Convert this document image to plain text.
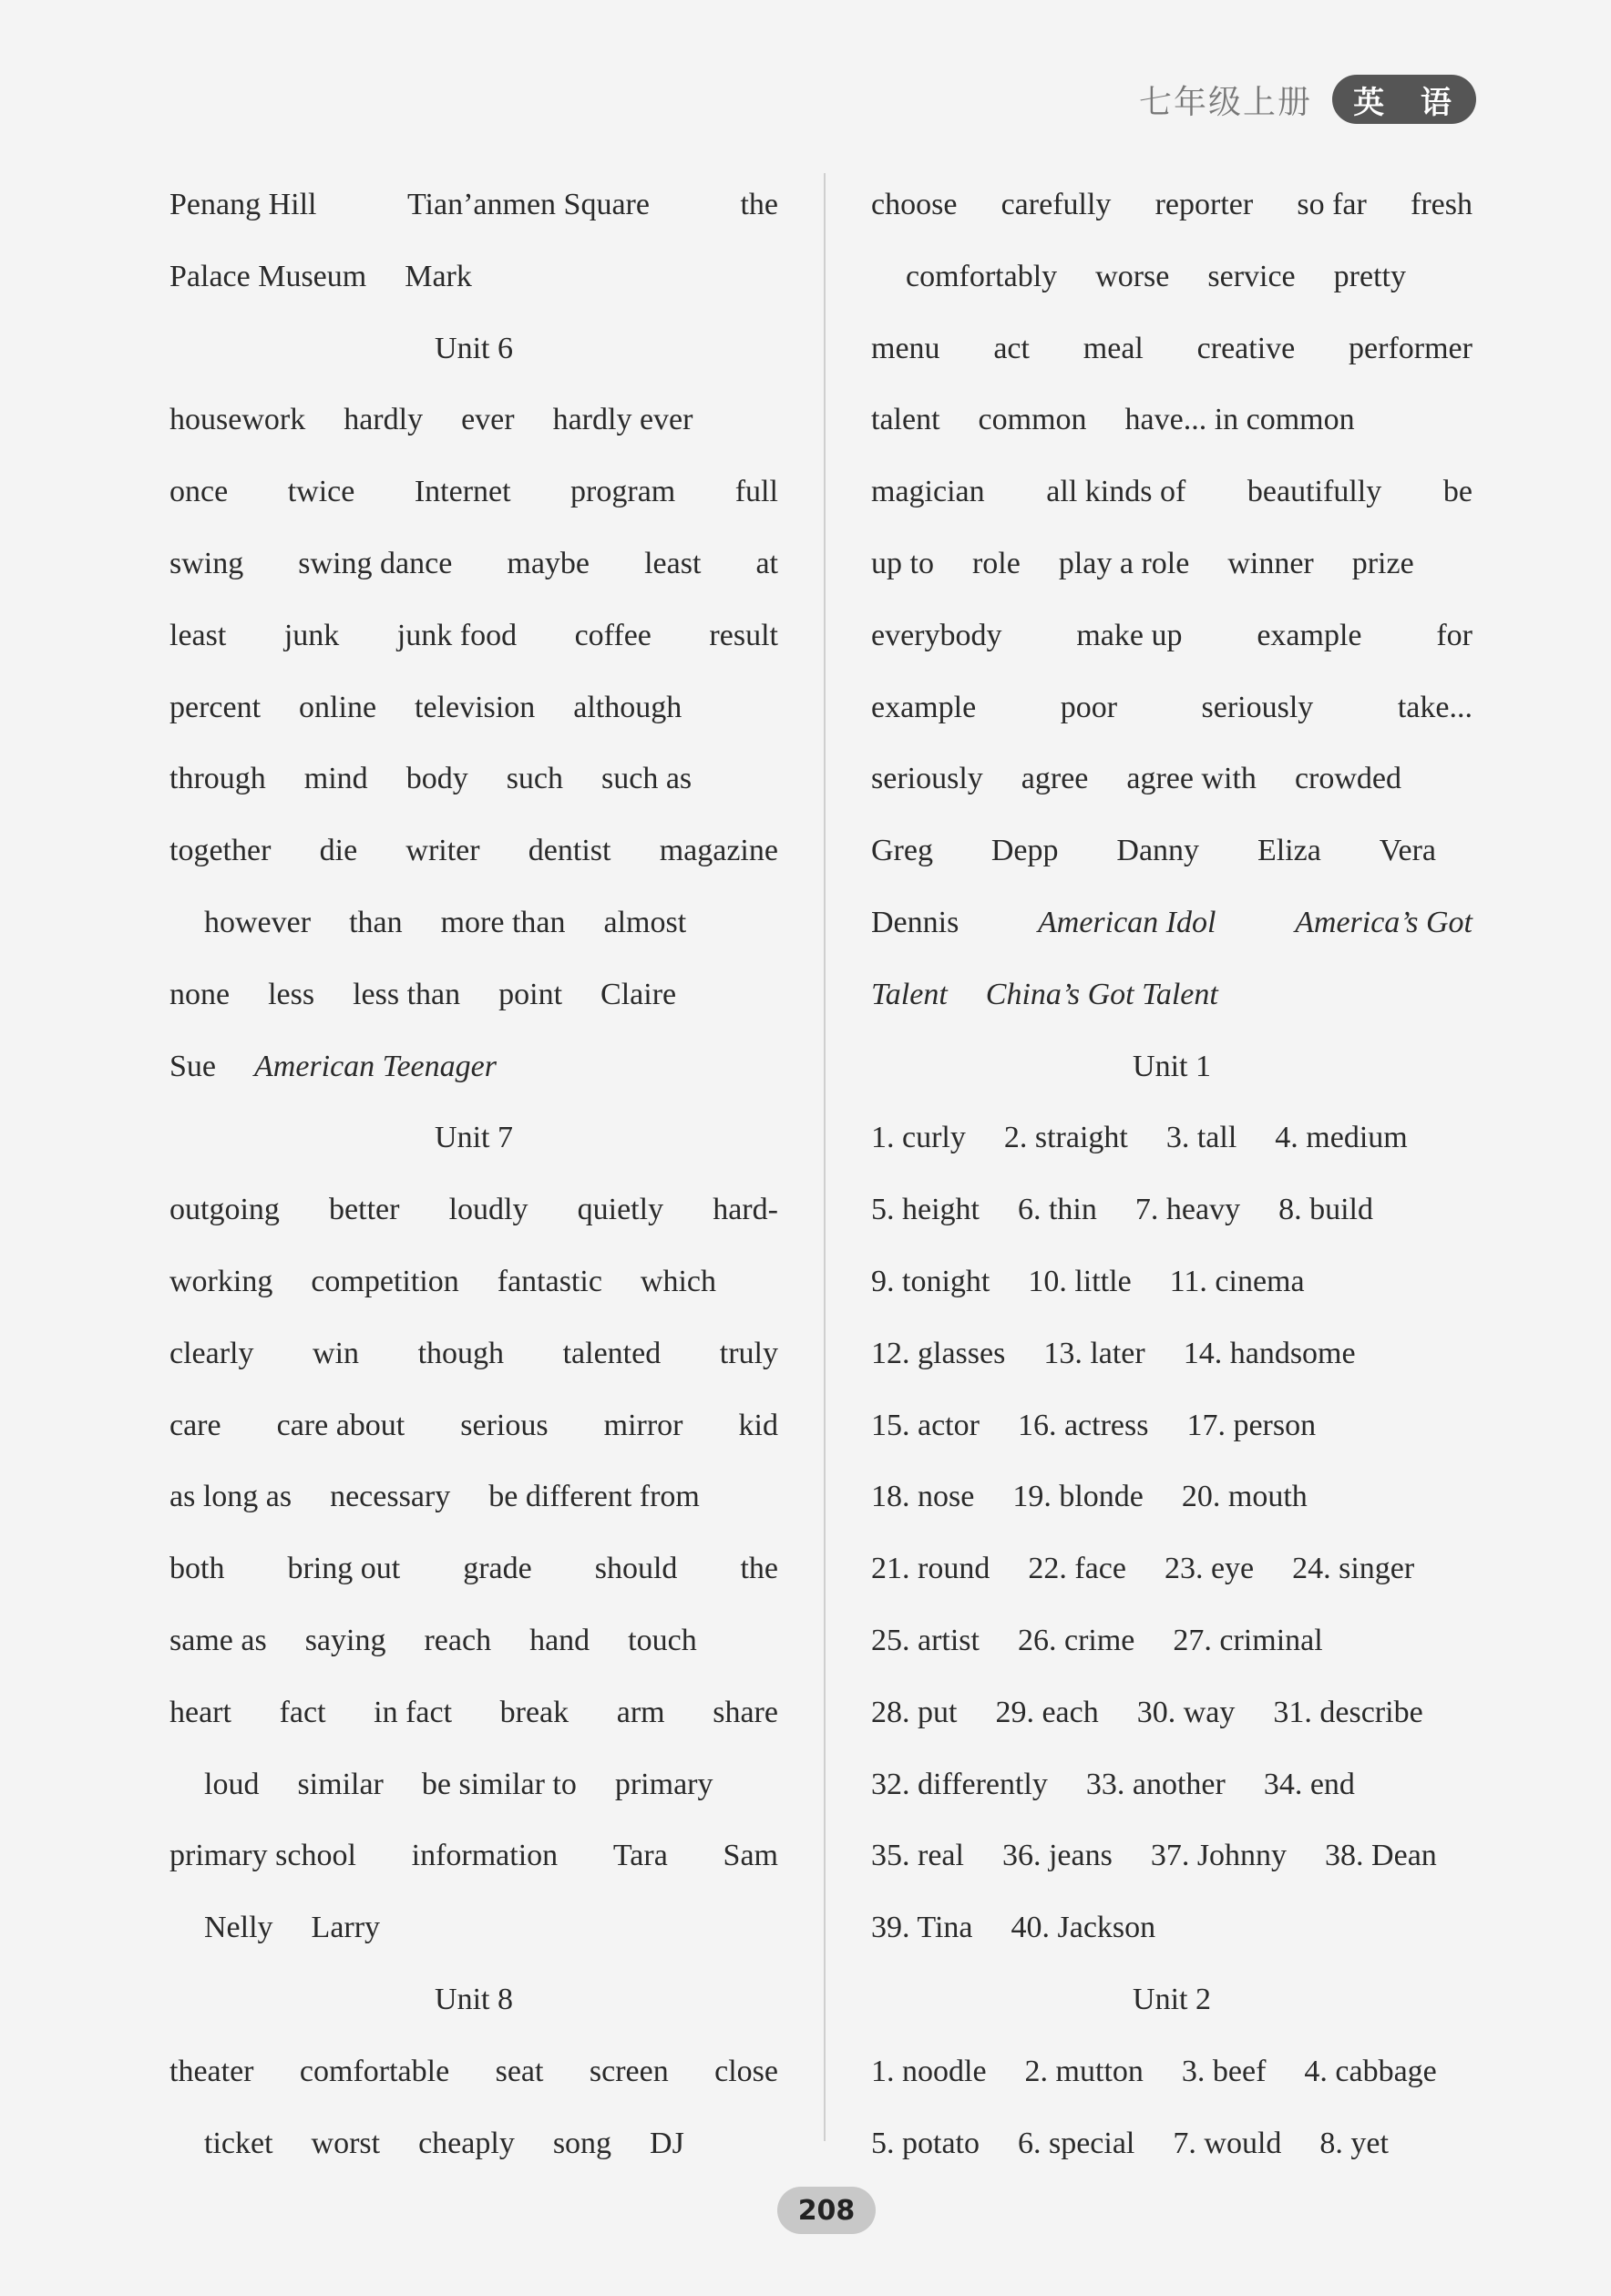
七年级上册	英 语
Penang Hill	Tian’anmen Square	the
Palace Museum Mark
Unit 6
housework hardly ever hardly ever
once twice Internet program full
swing swing dance maybe least at
least junk junk food coffee result
percent online television although
through mind body such such as
together die writer dentist magazine
however than more than almost
none less less than point Claire
Sue American Teenager
Unit 7
outgoing better loudly quietly hard-
working competition fantastic which
clearly win though talented truly
care care about serious mirror kid
as long as necessary be different from
both bring out grade should the
same as saying reach hand touch
heart fact in fact break arm share
loud similar be similar to primary
primary school information Tara Sam
Nelly Larry
Unit 8
theater comfortable seat screen close
ticket worst cheaply song DJ
choose carefully reporter so far fresh
comfortably worse service pretty
menu act meal creative performer
talent common have... in common
magician all kinds of beautifully be
up to role play a role winner prize
everybody make up example for
example	poor	seriously	take...
seriously agree agree with crowded
Greg Depp Danny Eliza Vera
Dennis	American Idol	America’s Got
Talent China’s Got Talent
Unit 1
1. curly 2. straight 3. tall 4. medium
5. height 6. thin 7. heavy 8. build
9. tonight 10. little 11. cinema
12. glasses 13. later 14. handsome
15. actor 16. actress 17. person
18. nose 19. blonde 20. mouth
21. round 22. face 23. eye 24. singer
25. artist 26. crime 27. criminal
28. put 29. each 30. way 31. describe
32. differently 33. another 34. end
35. real 36. jeans 37. Johnny 38. Dean
39. Tina 40. Jackson
Unit 2
1. noodle 2. mutton 3. beef 4. cabbage
5. potato 6. special 7. would 8. yet
208
